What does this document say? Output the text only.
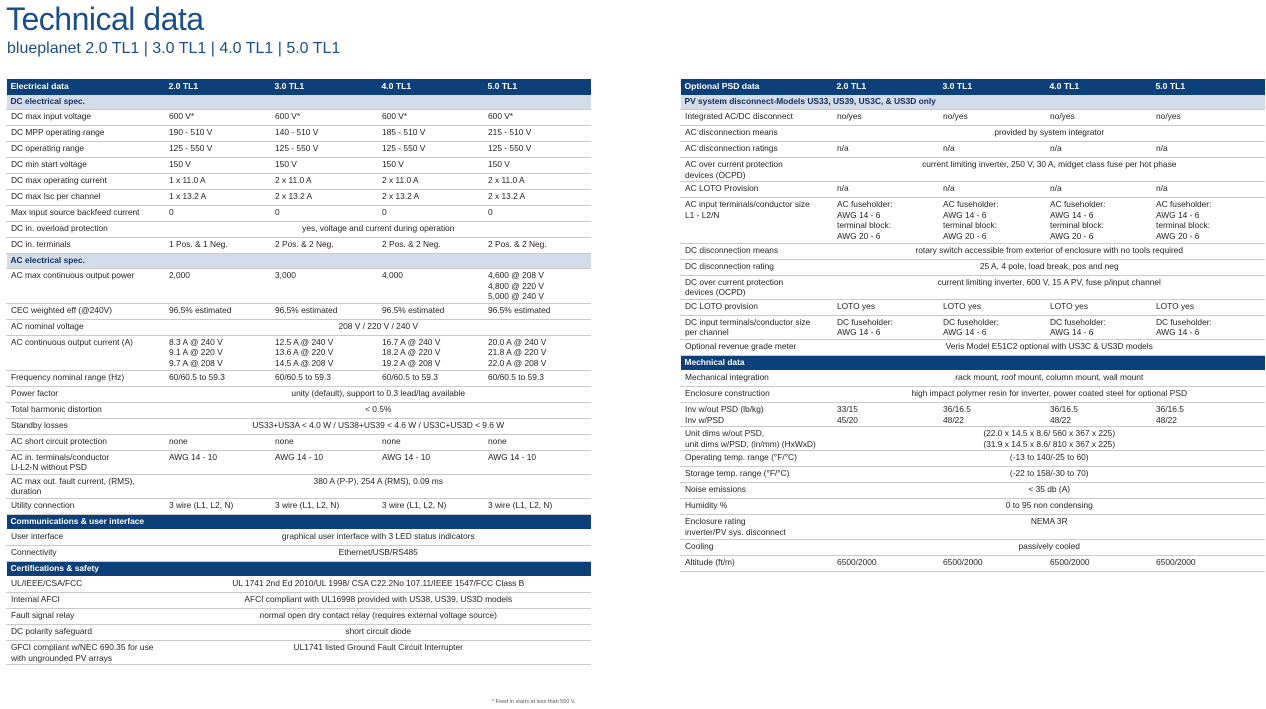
Technical data
blueplanet 2.0 TL1 | 3.0 TL1 | 4.0 TL1 | 5.0 TL1
Electrical data	2.0 TL1	3.0 TL1	4.0 TL1	5.0 TL1
DC electrical spec.				
DC max input voltage	600 V*	600 V*	600 V*	600 V*
DC MPP operating range	190 - 510 V	140 - 510 V	185 - 510 V	215 - 510 V
DC operating range	125 - 550 V	125 - 550 V	125 - 550 V	125 - 550 V
DC min start voltage	150 V	150 V	150 V	150 V
DC max operating current	1 x 11.0 A	2 x 11.0 A	2 x 11.0 A	2 x 11.0 A
DC max Isc per channel	1 x 13.2 A	2 x 13.2 A	2 x 13.2 A	2 x 13.2 A
Max input source backfeed current	0	0	0	0
DC in. overload protection	yes, voltage and current during operation			
DC in. terminals	1 Pos. & 1 Neg.	2 Pos. & 2 Neg.	2 Pos. & 2 Neg.	2 Pos. & 2 Neg.
AC electrical spec.				
AC max continuous output power	2,000	3,000	4,000	4,600 @ 208 V
4,800 @ 220 V
5,000 @ 240 V
CEC weighted eff (@240V)	96.5% estimated	96.5% estimated	96.5% estimated	96.5% estimated
AC nominal voltage	208 V / 220 V / 240 V			
AC continuous output current (A)	8.3 A @ 240 V
9.1 A @ 220 V
9.7 A @ 208 V	12.5 A @ 240 V
13.6 A @ 220 V
14.5 A @ 208 V	16.7 A @ 240 V
18.2 A @ 220 V
19.2 A @ 208 V	20.0 A @ 240 V
21.8 A @ 220 V
22.0 A @ 208 V
Frequency nominal range (Hz)	60/60.5 to 59.3	60/60.5 to 59.3	60/60.5 to 59.3	60/60.5 to 59.3
Power factor	unity (default), support to 0.3 lead/lag available			
Total harmonic distortion	< 0.5%			
Standby losses	US33+US3A < 4.0 W / US38+US39 < 4.6 W / US3C+US3D < 9.6 W			
AC short circuit protection	none	none	none	none
AC in. terminals/conductor
Ll-L2-N without PSD	AWG 14 - 10	AWG 14 - 10	AWG 14 - 10	AWG 14 - 10
AC max out. fault current, (RMS),
duration	380 A (P-P), 254 A (RMS), 0.09 ms			
Utility connection	3 wire (L1, L2, N)	3 wire (L1, L2, N)	3 wire (L1, L2, N)	3 wire (L1, L2, N)
Communications & user interface				
User interface	graphical user interface with 3 LED status indicators			
Connectivity	Ethernet/USB/RS485			
Certifications & safety				
UL/IEEE/CSA/FCC	UL 1741 2nd Ed 2010/UL 1998/ CSA C22.2No 107.11/IEEE 1547/FCC Class B			
Internal AFCI	AFCI compliant with UL16998 provided with US38, US39, US3D models			
Fault signal relay	normal open dry contact relay (requires external voltage source)			
DC polarity safeguard	short circuit diode			
GFCI compliant w/NEC 690.35 for use
with ungrounded PV arrays	UL1741 listed Ground Fault Circuit Interrupter			
Optional PSD data	2.0 TL1	3.0 TL1	4.0 TL1	5.0 TL1
PV system disconnect-Models US33, US39, US3C, & US3D only				
Integrated AC/DC disconnect	no/yes	no/yes	no/yes	no/yes
AC disconnection means	provided by system integrator			
AC disconnection ratings	n/a	n/a	n/a	n/a
AC over current protection
devices (OCPD)	current limiting inverter, 250 V, 30 A, midget class fuse per hot phase			
AC LOTO Provision	n/a	n/a	n/a	n/a
AC input terminals/conductor size
L1 - L2/N	AC fuseholder:
AWG 14 - 6
terminal block:
AWG 20 - 6	AC fuseholder:
AWG 14 - 6
terminal block:
AWG 20 - 6	AC fuseholder:
AWG 14 - 6
terminal block:
AWG 20 - 6	AC fuseholder:
AWG 14 - 6
terminal block:
AWG 20 - 6
DC disconnection means	rotary switch accessible from exterior of enclosure with no tools required			
DC disconnection rating	25 A, 4 pole, load break, pos and neg			
DC over current protection
devices (OCPD)	current limiting inverter, 600 V, 15 A PV, fuse p/input channel			
DC LOTO provision	LOTO yes	LOTO yes	LOTO yes	LOTO yes
DC input terminals/conductor size
per channel	DC fuseholder:
AWG 14 - 6	DC fuseholder:
AWG 14 - 6	DC fuseholder:
AWG 14 - 6	DC fuseholder:
AWG 14 - 6
Optional revenue grade meter	Veris Model E51C2 optional with US3C & US3D models			
Mechnical data				
Mechanical integration	rack mount, roof mount, column mount, wall mount			
Enclosure construction	high impact polymer resin for inverter, power coated steel for optional PSD			
Inv w/out PSD (lb/kg)
Inv w/PSD	33/15
45/20	36/16.5
48/22	36/16.5
48/22	36/16.5
48/22
Unit dims w/out PSD,
unit dims w/PSD, (in/mm) (HxWxD)	(22.0 x 14.5 x 8.6/ 560 x 367 x 225)
(31.9 x 14.5 x 8.6/ 810 x 367 x 225)			
Operating temp. range (°F/°C)	(-13 to 140/-25 to 60)			
Storage temp. range (°F/°C)	(-22 to 158/-30 to 70)			
Noise emissions	< 35 db (A)			
Humidity %	0 to 95 non condensing			
Enclosure rating
inverter/PV sys. disconnect	NEMA 3R			
Cooling	passively cooled			
Altitude (ft/m)	6500/2000	6500/2000	6500/2000	6500/2000
* Feed in starts at less than 550 V.
